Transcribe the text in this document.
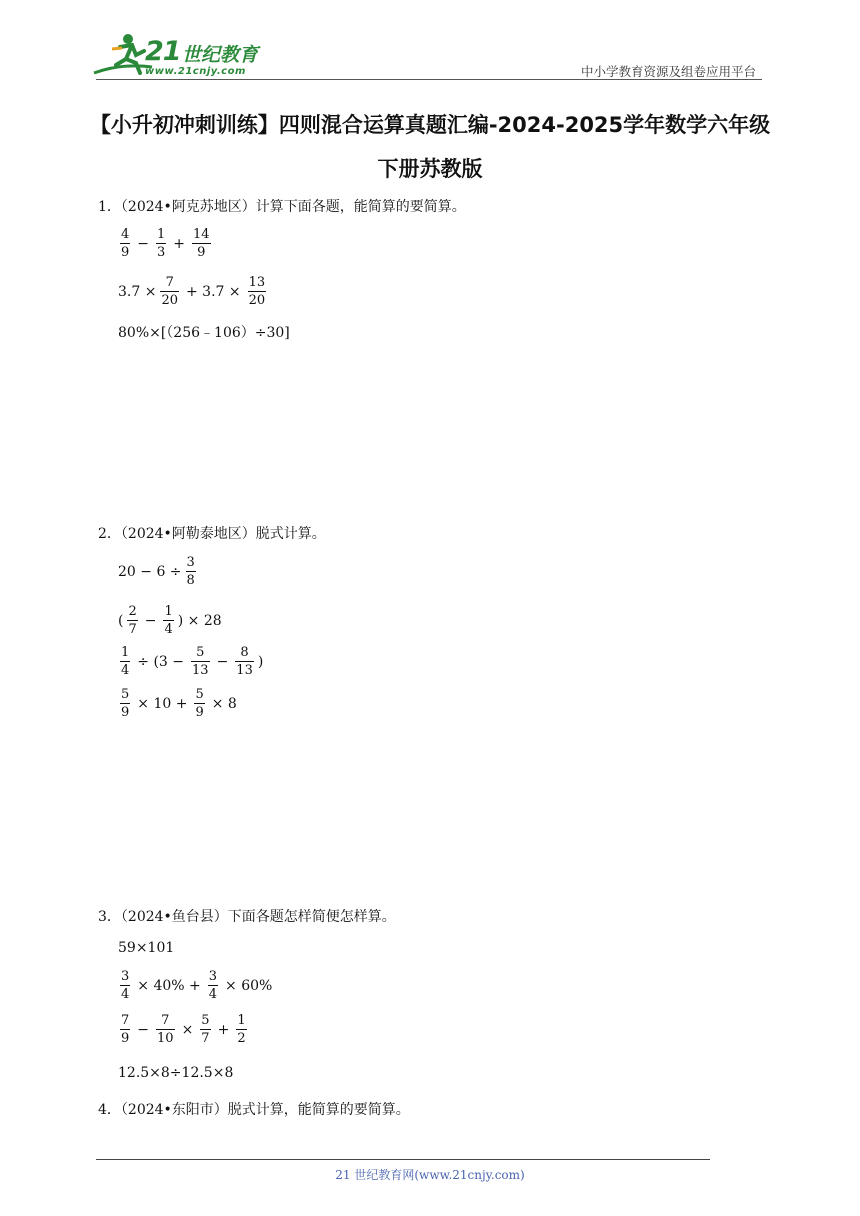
21 世纪教育
www.21cnjy.com	中小学教育资源及组卷应用平台
【小升初冲刺训练】四则混合运算真题汇编-2024-2025学年数学六年级
下册苏教版
1．（2024•阿克苏地区）计算下面各题，能简算的要简算。
$\frac{4}{9} - \frac{1}{3} + \frac{14}{9}$
$3.7 \times \frac{7}{20} + 3.7 \times \frac{13}{20}$
80%×[（256﹣106）÷30]
2．（2024•阿勒泰地区）脱式计算。
$20 - 6 \div \frac{3}{8}$
( $\frac{2}{7} - \frac{1}{4}$ ) × 28
$\frac{1}{4} \div (3 - \frac{5}{13} - \frac{8}{13}$ )
$\frac{5}{9} \times 10 + \frac{5}{9} \times 8$
3．（2024•鱼台县）下面各题怎样简便怎样算。
59×101
$\frac{3}{4} \times 40\% + \frac{3}{4} \times 60\%$
$\frac{7}{9} - \frac{7}{10} \times \frac{5}{7} + \frac{1}{2}$
12.5×8÷12.5×8
4．（2024•东阳市）脱式计算，能简算的要简算。
21 世纪教育网(www.21cnjy.com)
